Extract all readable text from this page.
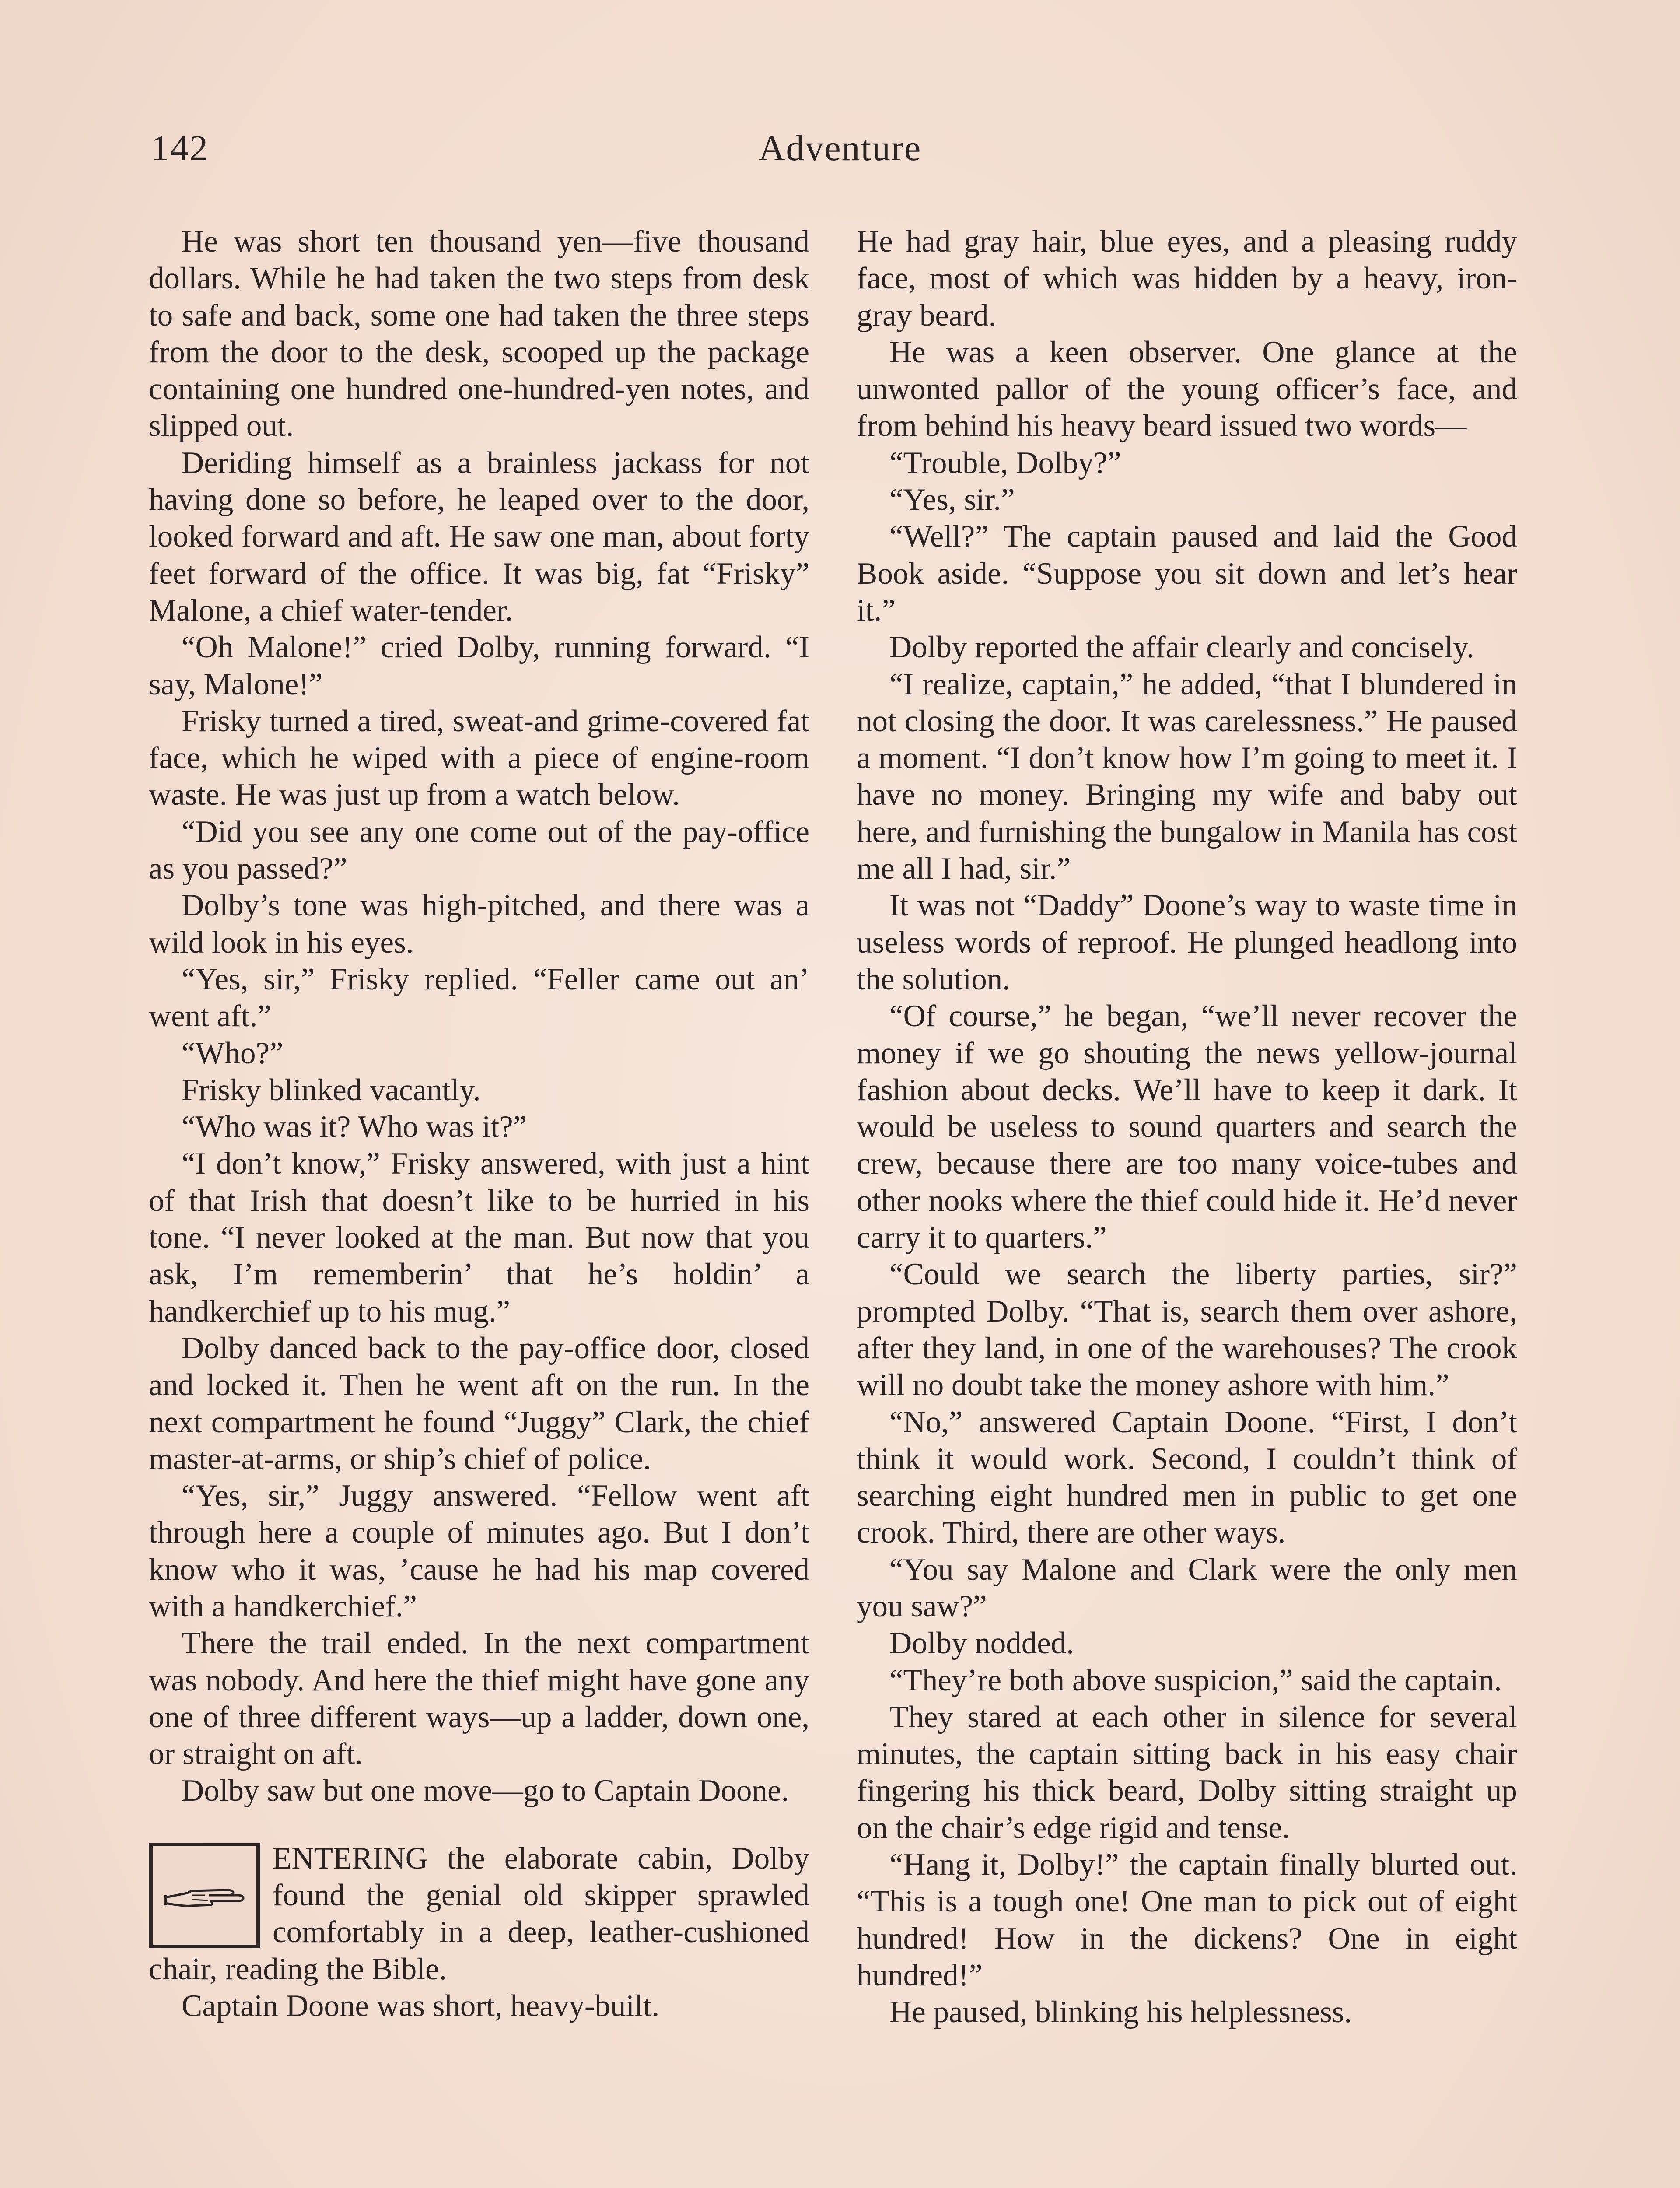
142	Adventure

He was short ten thousand yen—five thousand dollars. While he had taken the two steps from desk to safe and back, some one had taken the three steps from the door to the desk, scooped up the package containing one hundred one-hundred-yen notes, and slipped out.

Deriding himself as a brainless jackass for not having done so before, he leaped over to the door, looked forward and aft. He saw one man, about forty feet forward of the office. It was big, fat “Frisky” Malone, a chief water-tender.

“Oh Malone!” cried Dolby, running forward. “I say, Malone!”

Frisky turned a tired, sweat-and grime-covered fat face, which he wiped with a piece of engine-room waste. He was just up from a watch below.

“Did you see any one come out of the pay-office as you passed?”

Dolby’s tone was high-pitched, and there was a wild look in his eyes.

“Yes, sir,” Frisky replied. “Feller came out an’ went aft.”

“Who?”

Frisky blinked vacantly.

“Who was it? Who was it?”

“I don’t know,” Frisky answered, with just a hint of that Irish that doesn’t like to be hurried in his tone. “I never looked at the man. But now that you ask, I’m rememberin’ that he’s holdin’ a handkerchief up to his mug.”

Dolby danced back to the pay-office door, closed and locked it. Then he went aft on the run. In the next compartment he found “Juggy” Clark, the chief master-at-arms, or ship’s chief of police.

“Yes, sir,” Juggy answered. “Fellow went aft through here a couple of minutes ago. But I don’t know who it was, ’cause he had his map covered with a handkerchief.”

There the trail ended. In the next compartment was nobody. And here the thief might have gone any one of three different ways—up a ladder, down one, or straight on aft.

Dolby saw but one move—go to Captain Doone.

ENTERING the elaborate cabin, Dolby found the genial old skipper sprawled comfortably in a deep, leather-cushioned chair, reading the Bible.

Captain Doone was short, heavy-built.

He had gray hair, blue eyes, and a pleasing ruddy face, most of which was hidden by a heavy, iron-gray beard.

He was a keen observer. One glance at the unwonted pallor of the young officer’s face, and from behind his heavy beard issued two words—

“Trouble, Dolby?”

“Yes, sir.”

“Well?” The captain paused and laid the Good Book aside. “Suppose you sit down and let’s hear it.”

Dolby reported the affair clearly and concisely.

“I realize, captain,” he added, “that I blundered in not closing the door. It was carelessness.” He paused a moment. “I don’t know how I’m going to meet it. I have no money. Bringing my wife and baby out here, and furnishing the bungalow in Manila has cost me all I had, sir.”

It was not “Daddy” Doone’s way to waste time in useless words of reproof. He plunged headlong into the solution.

“Of course,” he began, “we’ll never recover the money if we go shouting the news yellow-journal fashion about decks. We’ll have to keep it dark. It would be useless to sound quarters and search the crew, because there are too many voice-tubes and other nooks where the thief could hide it. He’d never carry it to quarters.”

“Could we search the liberty parties, sir?” prompted Dolby. “That is, search them over ashore, after they land, in one of the warehouses? The crook will no doubt take the money ashore with him.”

“No,” answered Captain Doone. “First, I don’t think it would work. Second, I couldn’t think of searching eight hundred men in public to get one crook. Third, there are other ways.

“You say Malone and Clark were the only men you saw?”

Dolby nodded.

“They’re both above suspicion,” said the captain.

They stared at each other in silence for several minutes, the captain sitting back in his easy chair fingering his thick beard, Dolby sitting straight up on the chair’s edge rigid and tense.

“Hang it, Dolby!” the captain finally blurted out. “This is a tough one! One man to pick out of eight hundred! How in the dickens? One in eight hundred!”

He paused, blinking his helplessness.
